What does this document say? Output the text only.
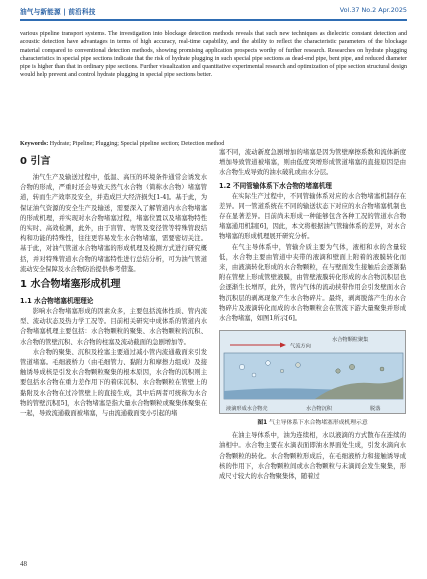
油气与新能源 | 前沿科技	Vol.37 No.2 Apr.2025
various pipeline transport systems. The investigation into blockage detection methods reveals that such new techniques as dielectric constant detection and acoustic detection have advantages in terms of high accuracy, real-time capability, and the ability to reflect the characteristic parameters of the blockage material compared to conventional detection methods, showing promising application prospects worthy of further research. Researches on hydrate plugging characteristics in special pipe sections indicate that the risk of hydrate plugging in such special pipe sections as dead-end pipe, bent pipe, and reduced diameter pipe is higher than that in ordinary pipe sections. Further visualization and quantitative experimental research and optimization of pipe section structural design would help prevent and control hydrate plugging in special pipe sections better.
Keywords: Hydrate; Pipeline; Plugging; Special pipeline section; Detection method
0 引言
油气生产及输送过程中，低温、高压的环境条件通常会诱发水合物的形成，严重时还会导致天然气水合物（简称水合物）堵塞管道，转而生产效率及安全，并造成巨大经济损失[1-4]。基于此，为保证油气资源的安全生产及输送，需要深入了解管道内水合物堵塞的形成机理，并实现对水合物堵塞过程，堵塞位置以及堵塞物特性的实时、高效检测，此外，由于盲管、弯管及变径管等特殊管段结构和功能的特殊性，往往更容易发生水合物堵塞，需要密切关注。基于此，对油气管道水合物堵塞的形成机理及检测方式进行研究概括，并对特殊管道水合物的堵塞特性进行总结分析，可为油气管道流动安全保障及水合物防治提供参考借鉴。
1 水合物堵塞形成机理
1.1 水合物堵塞机理理论
影响水合物堵塞形成的因素众多，主要包括流体性质、管内流型、流动状态及热力学工况等。目前相关研究中成体系的管道内水合物堵塞机理主要包括：水合物颗粒的聚集、水合物颗粒的沉积、水合物的管壁沉积、水合物的柱塞及流动截面的急剧增加等。
水合物的聚集、沉积及栓塞主要通过减小管内流通截面来引发管道堵塞。毛细液桥力（由毛细管力、黏附力和摩擦力组成）及接触诱导成核是引发水合物颗粒聚集的根本原因，水合物的沉积则主要包括水合物在重力差作用下的着床沉积、水合物颗粒在管壁上的黏附及水合物在过冷管壁上的直接生成，其中后两者可统称为水合物的管壁沉积[5]，水合物堵塞是指大量水合物颗粒或聚集体聚集在一起，导致流通截面被堵塞，与由流通截面变小引起的堵
塞不同，流动新度急剧增加的堵塞是因为管壁摩擦系数和流体新度增加导致管道被堵塞，则由低度突增形成管道堵塞的直接原因是由水合物生成导致的油水破乳或由水分层。
1.2 不同管输体系下水合物的堵塞机理
在实际生产过程中，不同管输体系对应的水合物堵塞机制存在差异。同一管道系统在不同的输送状态下对应的水合物堵塞机制也存在显著差异。目前尚未形成一种能够包含各种工况的管道水合物堵塞通用机制[6]，因此，本文将根据油气管输体系的差异，对水合物堵塞的形成机理展开研究分析。
在气主导体系中，管输介质主要为气体，液相和水的含量较低，水合物主要由管道中夹带的液滴和壁面上附着的液膜转化而来，由液滴转化形成的水合物颗粒，在与壁面发生接触后会逐渐黏附在管壁上形成管壁液膜，由管壁液膜转化形成的水合物沉积层也会逐渐生长增厚，此外，管内气体的流动挟带作用会引发壁面水合物沉积层的剥离现象产生水合物碎片。最终，剥离脱落产生的水合物碎片及液滴转化而成的水合物颗粒会在管流下游大量聚集并形成水合物堵塞，如图1所示[6]。
气流方向
水合物颗粒聚集
液滴形成水合物壳	水合物沉积	脱落
图1 气主导体系下水合物堵塞形成机理示意
在油主导体系中，油为连续相，水以液滴的方式散布在连续的油相中。水合物主要在水滴表面即油水界面处生成，引发水滴向水合物颗粒的转化。水合物颗粒形成后，在毛细液桥力和接触诱导成核的作用下，水合物颗粒间或水合物颗粒与未滴间会发生聚集，形成尺寸较大的水合物聚集体，随着过
48
